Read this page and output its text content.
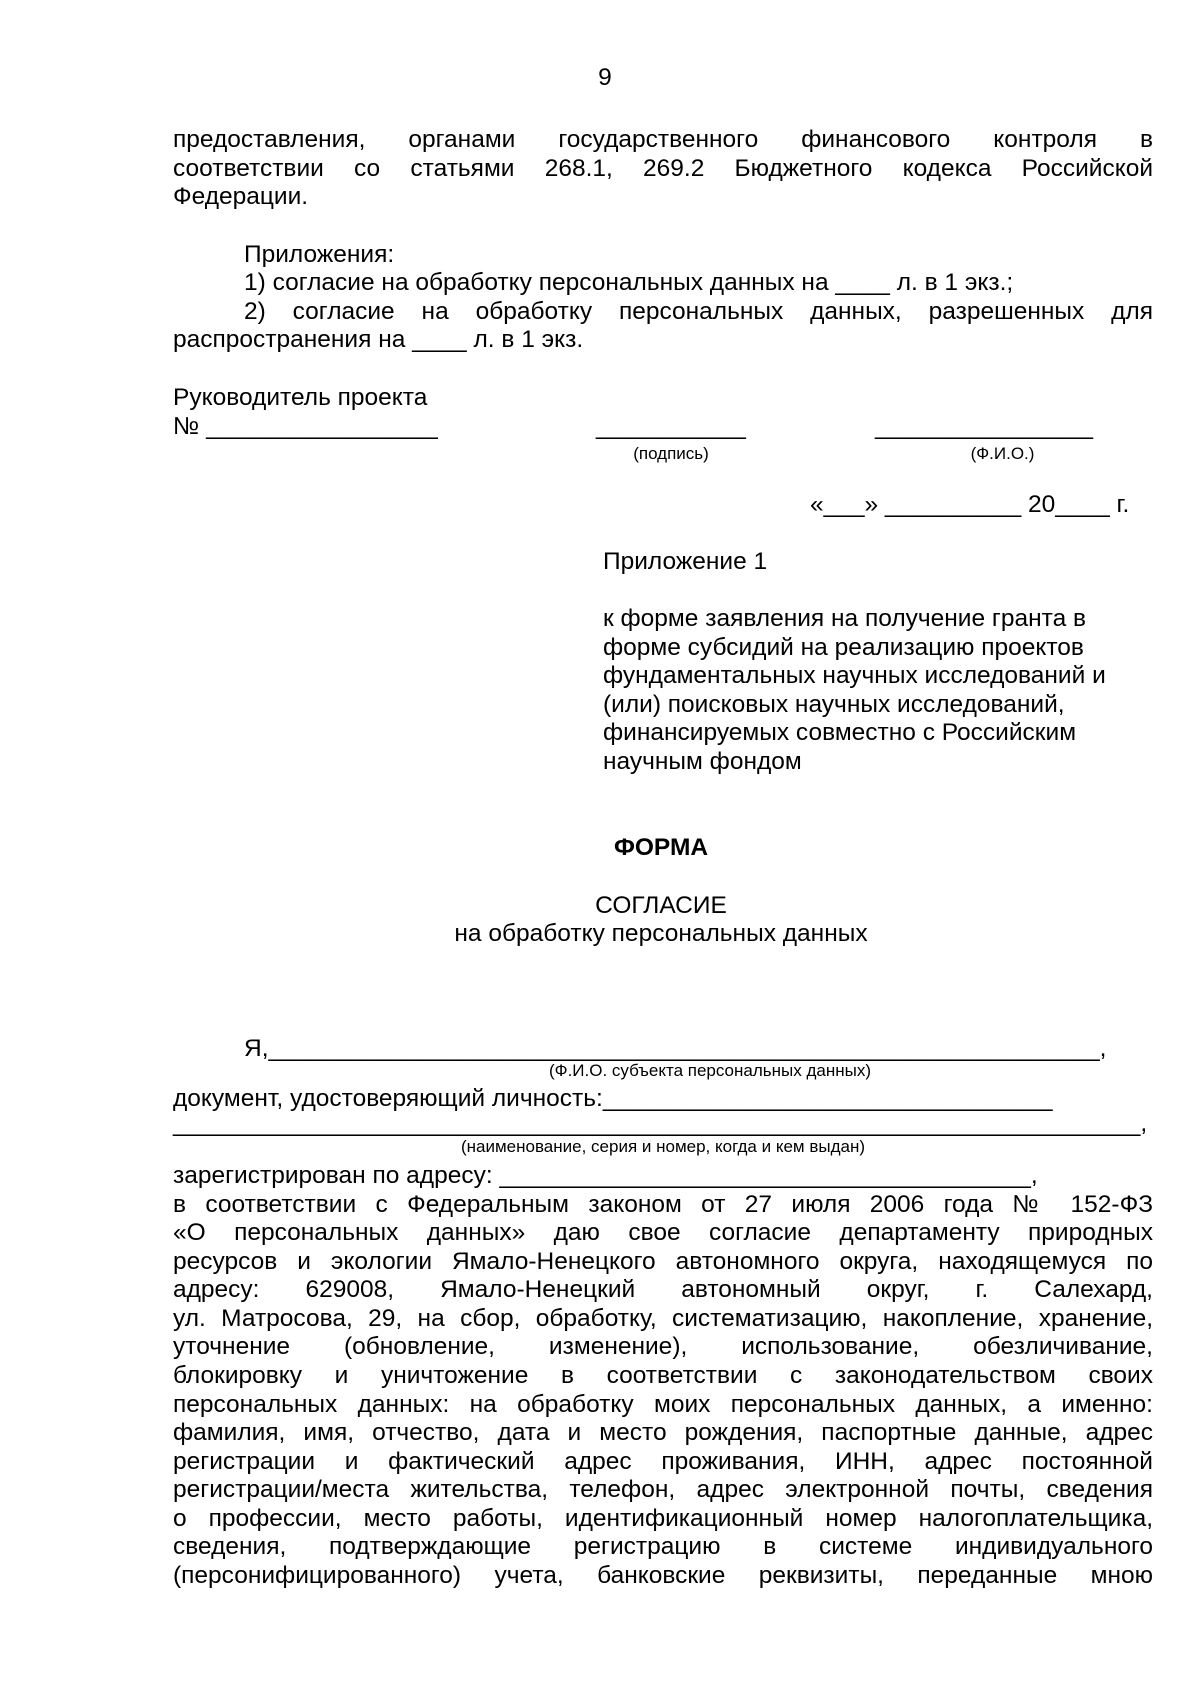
9
предоставления, органами государственного финансового контроля в
соответствии со статьями 268.1, 269.2 Бюджетного кодекса Российской
Федерации.
Приложения:
1) согласие на обработку персональных данных на ____ л. в 1 экз.;
2) согласие на обработку персональных данных, разрешенных для
распространения на ____ л. в 1 экз.
Руководитель проекта
№ _________________	___________
(подпись)
________________
(Ф.И.О.)
«___» __________ 20____ г.
Приложение 1
к форме заявления на получение гранта в
форме субсидий на реализацию проектов
фундаментальных научных исследований и
(или) поисковых научных исследований,
финансируемых совместно с Российским
научным фондом
ФОРМА
СОГЛАСИЕ
на обработку персональных данных
Я,_____________________________________________________________,
(Ф.И.О. субъекта персональных данных)
документ, удостоверяющий личность:_________________________________
_______________________________________________________________________,
(наименование, серия и номер, когда и кем выдан)
зарегистрирован по адресу: _______________________________________,
в соответствии с Федеральным законом от 27 июля 2006 года № 152-ФЗ
«О персональных данных» даю свое согласие департаменту природных
ресурсов и экологии Ямало-Ненецкого автономного округа, находящемуся по
адресу: 629008, Ямало-Ненецкий автономный округ, г. Салехард,
ул. Матросова, 29, на сбор, обработку, систематизацию, накопление, хранение,
уточнение (обновление, изменение), использование, обезличивание,
блокировку и уничтожение в соответствии с законодательством своих
персональных данных: на обработку моих персональных данных, а именно:
фамилия, имя, отчество, дата и место рождения, паспортные данные, адрес
регистрации и фактический адрес проживания, ИНН, адрес постоянной
регистрации/места жительства, телефон, адрес электронной почты, сведения
о профессии, место работы, идентификационный номер налогоплательщика,
сведения, подтверждающие регистрацию в системе индивидуального
(персонифицированного) учета, банковские реквизиты, переданные мною
